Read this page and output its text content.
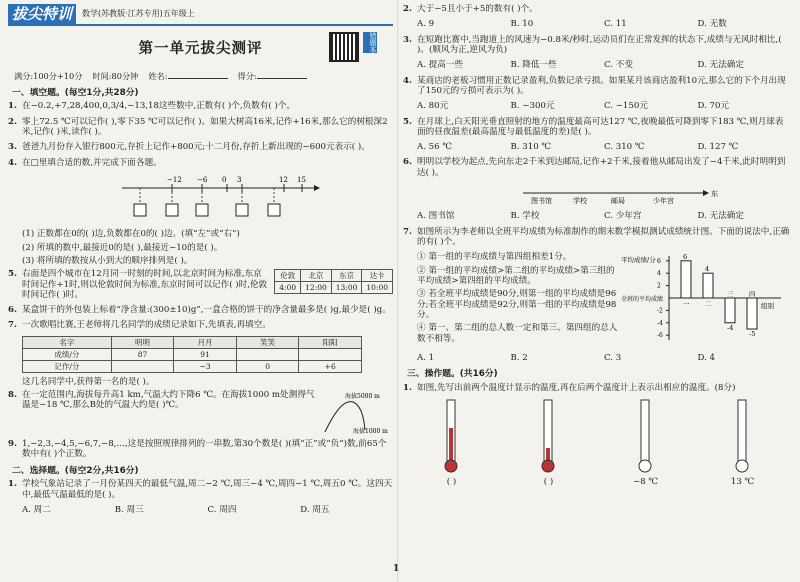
拔尖特训	数学(苏教版·江苏专用)五年级上
第一单元拔尖测评	错题本
满分:100分+10分 时间:80分钟 姓名:	得分:
一、填空题。(每空1分,共28分)
1. 在−0.2,+7,28,400,0,3/4,−13,18这些数中,正数有( )个,负数有( )个。
2. 零上72.5 ℃可以记作( ),零下35 ℃可以记作( )。如果大树高16米,记作+16米,那么它的树根深2米,记作( )米,读作( )。
3. 爸爸九月份存入银行800元,存折上记作+800元;十二月份,存折上新出现的−600元表示( )。
4. 在□里填合适的数,并完成下面各题。
−12 −6 0 3	12 15
(1) 正数都在0的( )边,负数都在0的( )边。(填“左”或“右”)
(2) 所填的数中,最接近0的是( ),最接近−10的是( )。
(3) 将所填的数按从小到大的顺序排列是( )。
5.	伦敦	北京	东京	达卡
4:00	12:00	13:00	10:00
右面是四个城市在12月同一时刻的时间,以北京时间为标准,东京时间记作+1时,则以伦敦时间为标准,东京时间可以记作( )时,伦敦时间记作( )时。
6. 某盒饼干的外包装上标着“净含量:(300±10)g”,一盒合格的饼干的净含量最多是( )g,最少是( )g。
7. 一次歌唱比赛,王老师将几名同学的成绩记录如下,先填表,再填空。
名字	明明	月月	笑笑	阳阳
成绩/分	87	91		
记作/分		−3	0	+6
这几名同学中,获得第一名的是( )。
8.	海拔5000 m
海拔1000 m
在一定范围内,海拔每升高1 km,气温大约下降6 ℃。在海拔1000 m处测得气温是−18 ℃,那么B处的气温大约是( )℃。
9. 1,−2,3,−4,5,−6,7,−8,…,这是按照规律排列的一串数,第30个数是( )(填“正”或“负”)数,前65个数中有( )个正数。
二、选择题。(每空2分,共16分)
1. 学校气象站记录了一月份某四天的最低气温,周二−2 ℃,周三−4 ℃,周四−1 ℃,周五0 ℃。这四天中,最低气温最低的是( )。
A. 周二	B. 周三	C. 周四	D. 周五
2. 大于−5且小于+5的数有( )个。
A. 9	B. 10	C. 11	D. 无数
3. 在短跑比赛中,当跑道上的风速为−0.8米/秒时,运动员们在正常发挥的状态下,成绩与无风时相比,( )。(顺风为正,逆风为负)
A. 提高一些	B. 降低一些	C. 不变	D. 无法确定
4. 某商店的老板习惯用正数记录盈利,负数记录亏损。如果某月该商店盈利10元,那么它的下个月出现了150元的亏损可表示为( )。
A. 80元	B. −300元	C. −150元	D. 70元
5. 在月球上,白天阳光垂直照射的地方的温度最高可达127 ℃,夜晚最低可降到零下183 ℃,则月球表面的昼夜温差(最高温度与最低温度的差)是( )。
A. 56 ℃	B. 310 ℃	C. 310 ℃	D. 127 ℃
6. 明明以学校为起点,先向东走2千米到达邮局,记作+2千米,接着他从邮局出发了−4千米,此时明明到达( )。
图书馆	学校	邮局	少年宫
东
A. 图书馆	B. 学校	C. 少年宫	D. 无法确定
7. 如图所示为李老师以全班平均成绩为标准制作的期末数学模拟测试成绩统计图。下面的说法中,正确的有( )个。
① 第一组的平均成绩与第四组相差1分。
② 第一组的平均成绩>第二组的平均成绩>第三组的平均成绩>第四组的平均成绩。
③ 若全班平均成绩是90分,则第一组的平均成绩是96分;若全班平均成绩是92分,则第一组的平均成绩是98分。
④ 第一、第二组的总人数一定和第三、第四组的总人数不相等。
平均成绩/分
全班的平均成绩
组别
6
4
2
-2
-4
-6
6
一
4
二
-4
三
-5
四
A. 1	B. 2	C. 3	D. 4
三、操作题。(共16分)
1. 如图,先写出前两个温度计显示的温度,再在后两个温度计上表示出相应的温度。(8分)
( )	( )	−8 ℃	13 ℃
1
